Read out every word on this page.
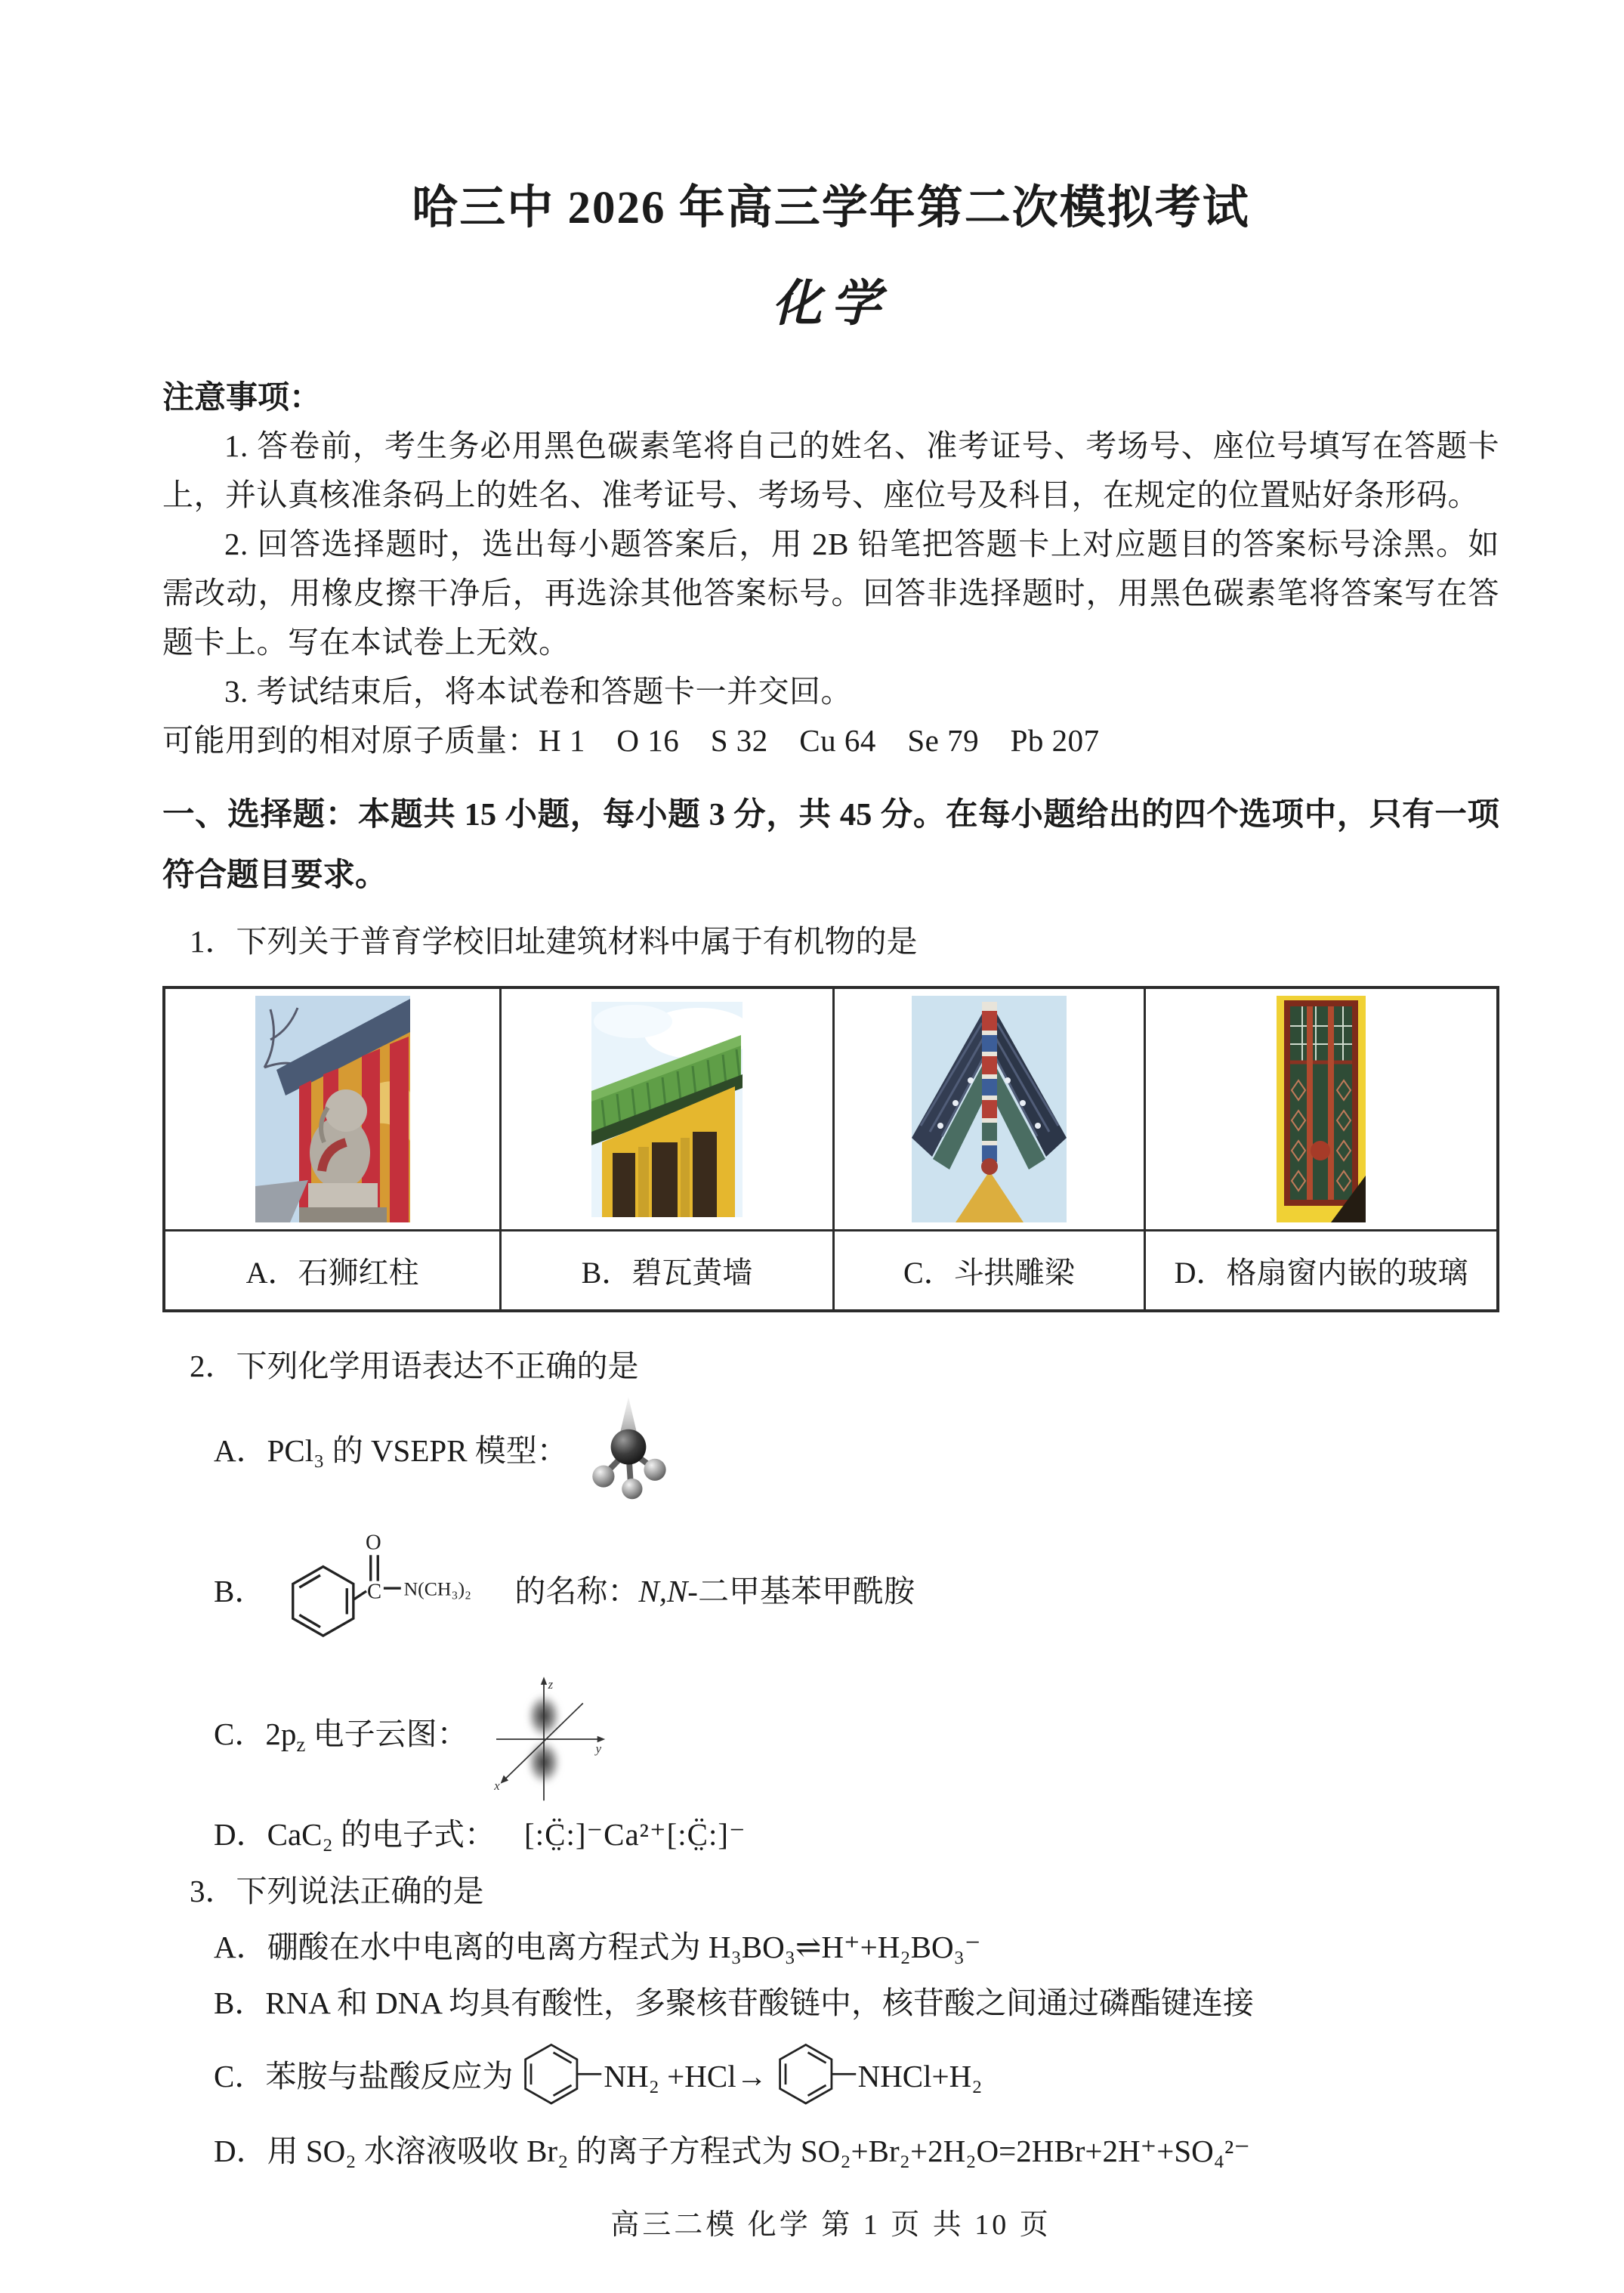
哈三中 2026 年高三学年第二次模拟考试
化学

注意事项：

1. 答卷前，考生务必用黑色碳素笔将自己的姓名、准考证号、考场号、座位号填写在答题卡上，并认真核准条码上的姓名、准考证号、考场号、座位号及科目，在规定的位置贴好条形码。

2. 回答选择题时，选出每小题答案后，用 2B 铅笔把答题卡上对应题目的答案标号涂黑。如需改动，用橡皮擦干净后，再选涂其他答案标号。回答非选择题时，用黑色碳素笔将答案写在答题卡上。写在本试卷上无效。

3. 考试结束后，将本试卷和答题卡一并交回。

可能用到的相对原子质量：H 1　O 16　S 32　Cu 64　Se 79　Pb 207

一、选择题：本题共 15 小题，每小题 3 分，共 45 分。在每小题给出的四个选项中，只有一项符合题目要求。

1．下列关于普育学校旧址建筑材料中属于有机物的是

A．石狮红柱	B．碧瓦黄墙	C．斗拱雕梁	D．格扇窗内嵌的玻璃

2．下列化学用语表达不正确的是

A．PCl₃ 的 VSEPR 模型：
B．
O
C N(CH₃)₂ 的名称： N,N- 二甲基苯甲酰胺
C．$2p_z$ 电子云图：
z
y
x
D．CaC₂ 的电子式： [:C̤̈:]⁻Ca²⁺[:C̤̈:]⁻

3．下列说法正确的是

A．硼酸在水中电离的电离方程式为 H₃BO₃⇌H⁺+H₂BO₃⁻

B．RNA 和 DNA 均具有酸性，多聚核苷酸链中，核苷酸之间通过磷酯键连接

C．苯胺与盐酸反应为	NH₂ +HCl→	NHCl+H₂

D．用 SO₂ 水溶液吸收 Br₂ 的离子方程式为 SO₂+Br₂+2H₂O=2HBr+2H⁺+SO₄²⁻

高三二模 化学 第 1 页 共 10 页
